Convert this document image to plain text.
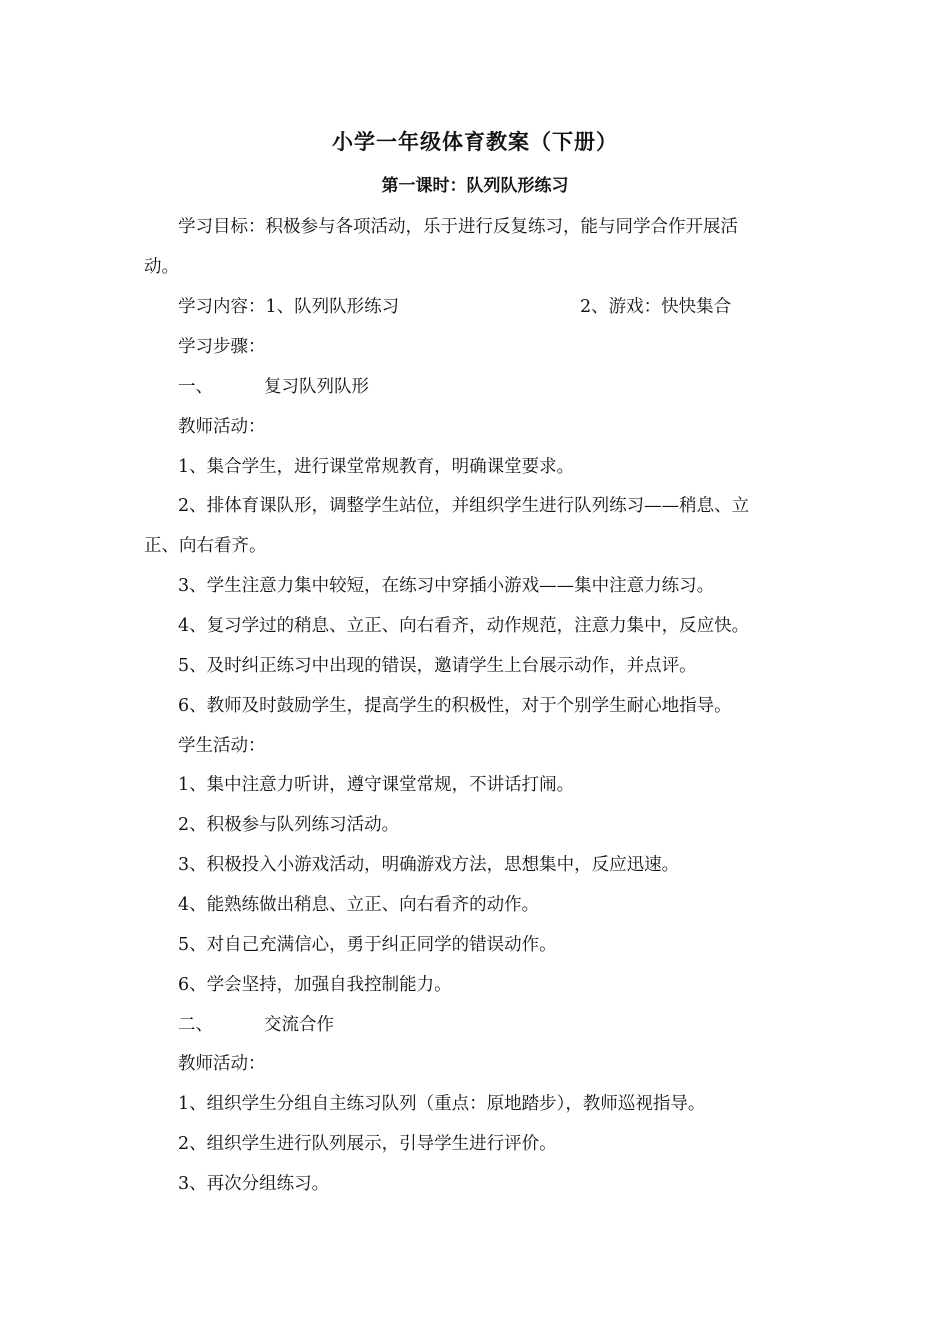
小学一年级体育教案（下册）
第一课时：队列队形练习
学习目标：积极参与各项活动，乐于进行反复练习，能与同学合作开展活
动。
学习内容：1、队列队形练习	2、游戏：快快集合
学习步骤：
一、	复习队列队形
教师活动：
1、集合学生，进行课堂常规教育，明确课堂要求。
2、排体育课队形，调整学生站位，并组织学生进行队列练习——稍息、立
正、向右看齐。
3、学生注意力集中较短，在练习中穿插小游戏——集中注意力练习。
4、复习学过的稍息、立正、向右看齐，动作规范，注意力集中，反应快。
5、及时纠正练习中出现的错误，邀请学生上台展示动作，并点评。
6、教师及时鼓励学生，提高学生的积极性，对于个别学生耐心地指导。
学生活动：
1、集中注意力听讲，遵守课堂常规，不讲话打闹。
2、积极参与队列练习活动。
3、积极投入小游戏活动，明确游戏方法，思想集中，反应迅速。
4、能熟练做出稍息、立正、向右看齐的动作。
5、对自己充满信心，勇于纠正同学的错误动作。
6、学会坚持，加强自我控制能力。
二、	交流合作
教师活动：
1、组织学生分组自主练习队列（重点：原地踏步），教师巡视指导。
2、组织学生进行队列展示，引导学生进行评价。
3、再次分组练习。
